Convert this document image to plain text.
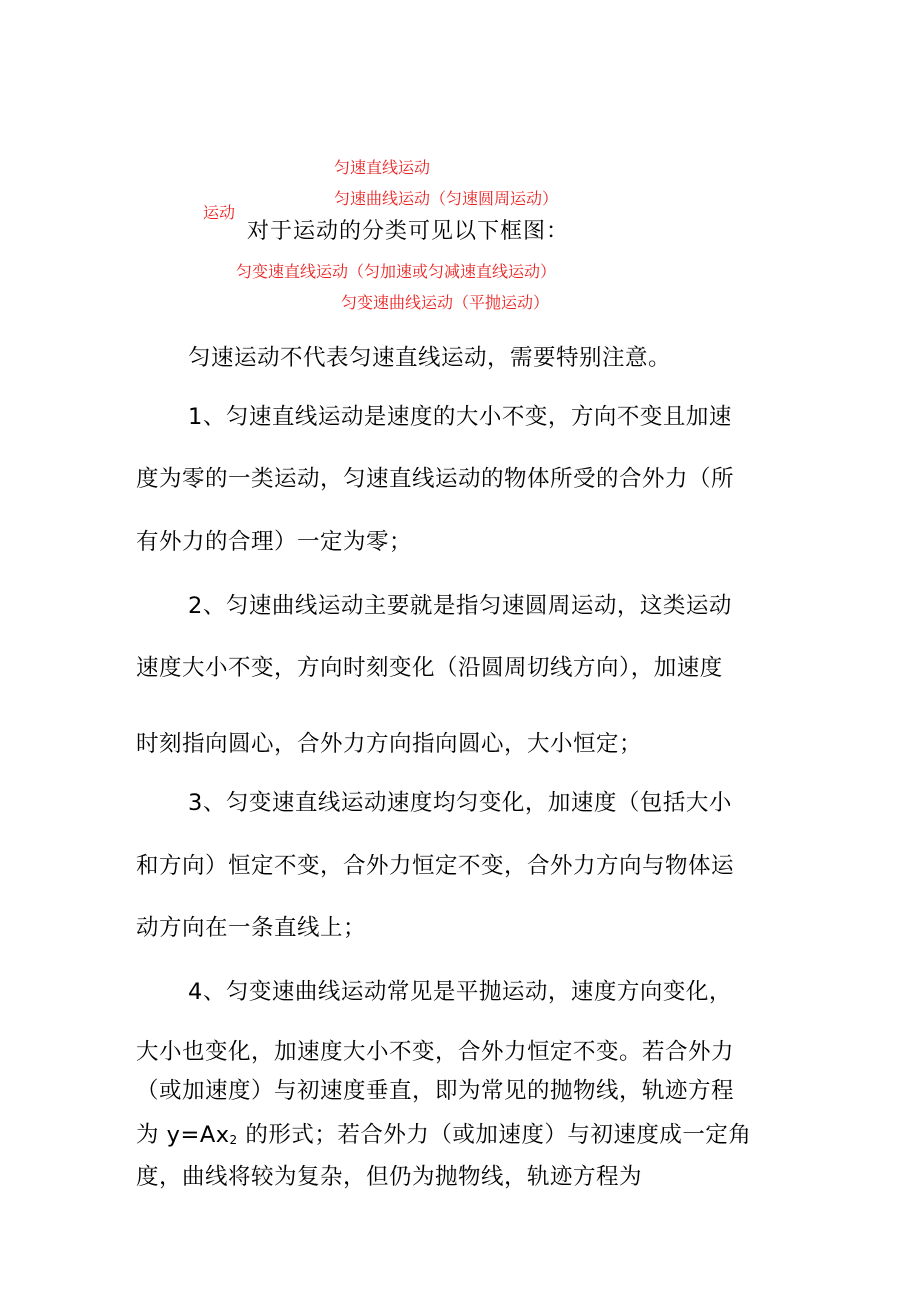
匀速直线运动
匀速曲线运动（匀速圆周运动）
运动
对于运动的分类可见以下框图：
匀变速直线运动（匀加速或匀减速直线运动）
匀变速曲线运动（平抛运动）
匀速运动不代表匀速直线运动，需要特别注意。
1、匀速直线运动是速度的大小不变，方向不变且加速
度为零的一类运动，匀速直线运动的物体所受的合外力（所
有外力的合理）一定为零；
2、匀速曲线运动主要就是指匀速圆周运动，这类运动
速度大小不变，方向时刻变化（沿圆周切线方向），加速度
时刻指向圆心，合外力方向指向圆心，大小恒定；
3、匀变速直线运动速度均匀变化，加速度（包括大小
和方向）恒定不变，合外力恒定不变，合外力方向与物体运
动方向在一条直线上；
4、匀变速曲线运动常见是平抛运动，速度方向变化，
大小也变化，加速度大小不变，合外力恒定不变。若合外力
（或加速度）与初速度垂直，即为常见的抛物线，轨迹方程
为 $y=Ax_2$ 的形式；若合外力（或加速度）与初速度成一定角
度，曲线将较为复杂，但仍为抛物线，轨迹方程为
